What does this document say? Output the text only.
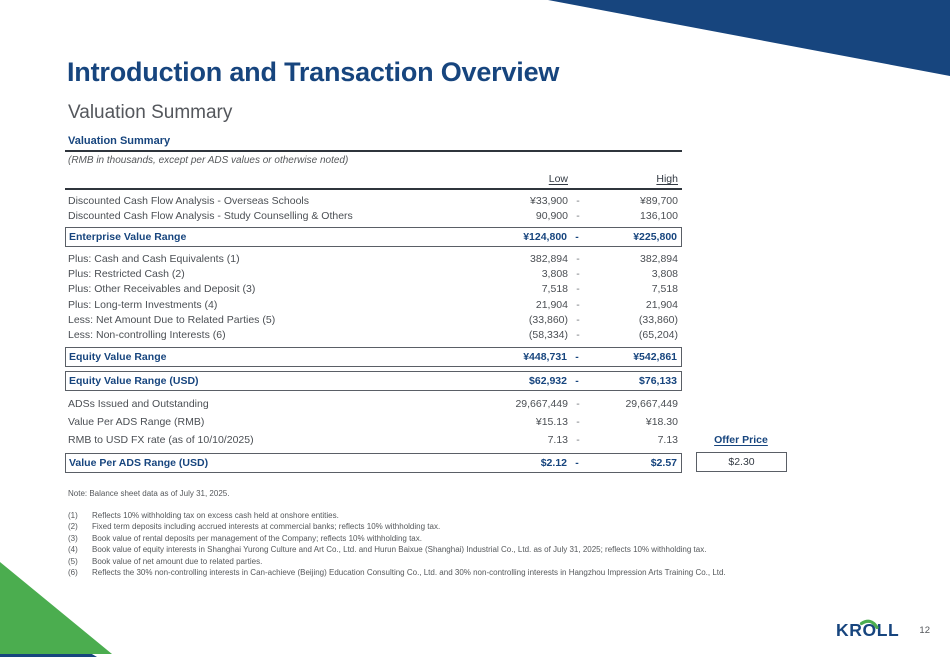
Introduction and Transaction Overview
Valuation Summary
Valuation Summary
(RMB in thousands, except per ADS values or otherwise noted)
Low	High
Discounted Cash Flow Analysis - Overseas Schools	¥33,900 -	¥89,700
Discounted Cash Flow Analysis - Study Counselling & Others	90,900 -	136,100
Enterprise Value Range	¥124,800 -	¥225,800
Plus: Cash and Cash Equivalents (1)	382,894 -	382,894
Plus: Restricted Cash (2)	3,808 -	3,808
Plus: Other Receivables and Deposit (3)	7,518 -	7,518
Plus: Long-term Investments (4)	21,904 -	21,904
Less: Net Amount Due to Related Parties (5)	(33,860) -	(33,860)
Less: Non-controlling Interests (6)	(58,334) -	(65,204)
Equity Value Range	¥448,731 -	¥542,861
Equity Value Range (USD)	$62,932 -	$76,133
ADSs Issued and Outstanding	29,667,449 -	29,667,449
Value Per ADS Range (RMB)	¥15.13 -	¥18.30
RMB to USD FX rate (as of 10/10/2025)	7.13 -	7.13	Offer Price
Value Per ADS Range (USD)	$2.12 -	$2.57	$2.30
Note: Balance sheet data as of July 31, 2025.
(1)	Reflects 10% withholding tax on excess cash held at onshore entities.
(2)	Fixed term deposits including accrued interests at commercial banks; reflects 10% withholding tax.
(3)	Book value of rental deposits per management of the Company; reflects 10% withholding tax.
(4)	Book value of equity interests in Shanghai Yurong Culture and Art Co., Ltd. and Hurun Baixue (Shanghai) Industrial Co., Ltd. as of July 31, 2025; reflects 10% withholding tax.
(5)	Book value of net amount due to related parties.
(6)	Reflects the 30% non-controlling interests in Can-achieve (Beijing) Education Consulting Co., Ltd. and 30% non-controlling interests in Hangzhou Impression Arts Training Co., Ltd.
KROLL 12
